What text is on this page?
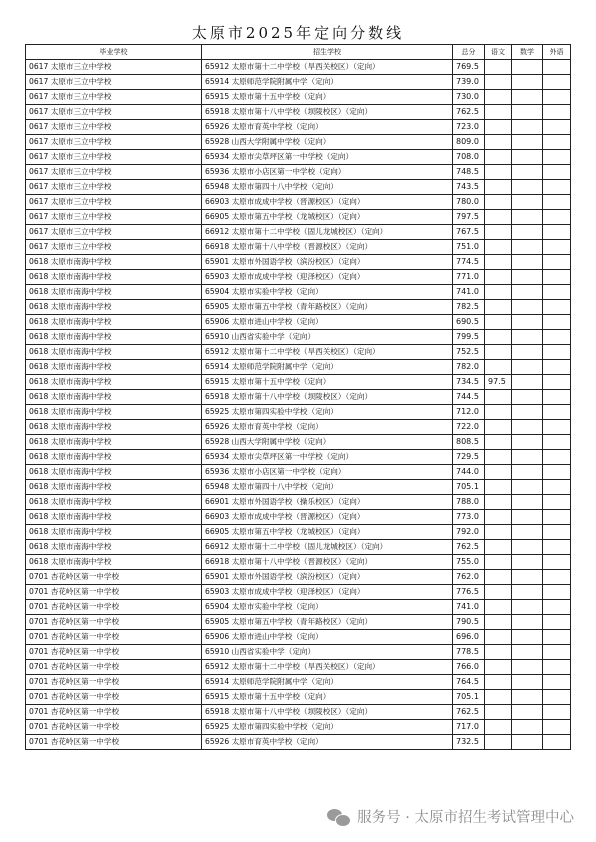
太原市2025年定向分数线
毕业学校	招生学校	总分	语文	数学	外语
0617 太原市三立中学校	65912 太原市第十二中学校（旱西关校区）（定向）	769.5			
0617 太原市三立中学校	65914 太原师范学院附属中学（定向）	739.0			
0617 太原市三立中学校	65915 太原市第十五中学校（定向）	730.0			
0617 太原市三立中学校	65918 太原市第十八中学校（坝陵校区）（定向）	762.5			
0617 太原市三立中学校	65926 太原市育英中学校（定向）	723.0			
0617 太原市三立中学校	65928 山西大学附属中学校（定向）	809.0			
0617 太原市三立中学校	65934 太原市尖草坪区第一中学校（定向）	708.0			
0617 太原市三立中学校	65936 太原市小店区第一中学校（定向）	748.5			
0617 太原市三立中学校	65948 太原市第四十八中学校（定向）	743.5			
0617 太原市三立中学校	66903 太原市成成中学校（晋源校区）（定向）	780.0			
0617 太原市三立中学校	66905 太原市第五中学校（龙城校区）（定向）	797.5			
0617 太原市三立中学校	66912 太原市第十二中学校（固儿龙城校区）（定向）	767.5			
0617 太原市三立中学校	66918 太原市第十八中学校（晋源校区）（定向）	751.0			
0618 太原市南海中学校	65901 太原市外国语学校（滨汾校区）（定向）	774.5			
0618 太原市南海中学校	65903 太原市成成中学校（迎泽校区）（定向）	771.0			
0618 太原市南海中学校	65904 太原市实验中学校（定向）	741.0			
0618 太原市南海中学校	65905 太原市第五中学校（青年路校区）（定向）	782.5			
0618 太原市南海中学校	65906 太原市进山中学校（定向）	690.5			
0618 太原市南海中学校	65910 山西省实验中学（定向）	799.5			
0618 太原市南海中学校	65912 太原市第十二中学校（旱西关校区）（定向）	752.5			
0618 太原市南海中学校	65914 太原师范学院附属中学（定向）	782.0			
0618 太原市南海中学校	65915 太原市第十五中学校（定向）	734.5	97.5		
0618 太原市南海中学校	65918 太原市第十八中学校（坝陵校区）（定向）	744.5			
0618 太原市南海中学校	65925 太原市第四实验中学校（定向）	712.0			
0618 太原市南海中学校	65926 太原市育英中学校（定向）	722.0			
0618 太原市南海中学校	65928 山西大学附属中学校（定向）	808.5			
0618 太原市南海中学校	65934 太原市尖草坪区第一中学校（定向）	729.5			
0618 太原市南海中学校	65936 太原市小店区第一中学校（定向）	744.0			
0618 太原市南海中学校	65948 太原市第四十八中学校（定向）	705.1			
0618 太原市南海中学校	66901 太原市外国语学校（操乐校区）（定向）	788.0			
0618 太原市南海中学校	66903 太原市成成中学校（晋源校区）（定向）	773.0			
0618 太原市南海中学校	66905 太原市第五中学校（龙城校区）（定向）	792.0			
0618 太原市南海中学校	66912 太原市第十二中学校（固儿龙城校区）（定向）	762.5			
0618 太原市南海中学校	66918 太原市第十八中学校（晋源校区）（定向）	755.0			
0701 杏花岭区第一中学校	65901 太原市外国语学校（滨汾校区）（定向）	762.0			
0701 杏花岭区第一中学校	65903 太原市成成中学校（迎泽校区）（定向）	776.5			
0701 杏花岭区第一中学校	65904 太原市实验中学校（定向）	741.0			
0701 杏花岭区第一中学校	65905 太原市第五中学校（青年路校区）（定向）	790.5			
0701 杏花岭区第一中学校	65906 太原市进山中学校（定向）	696.0			
0701 杏花岭区第一中学校	65910 山西省实验中学（定向）	778.5			
0701 杏花岭区第一中学校	65912 太原市第十二中学校（旱西关校区）（定向）	766.0			
0701 杏花岭区第一中学校	65914 太原师范学院附属中学（定向）	764.5			
0701 杏花岭区第一中学校	65915 太原市第十五中学校（定向）	705.1			
0701 杏花岭区第一中学校	65918 太原市第十八中学校（坝陵校区）（定向）	762.5			
0701 杏花岭区第一中学校	65925 太原市第四实验中学校（定向）	717.0			
0701 杏花岭区第一中学校	65926 太原市育英中学校（定向）	732.5			
服务号 · 太原市招生考试管理中心
